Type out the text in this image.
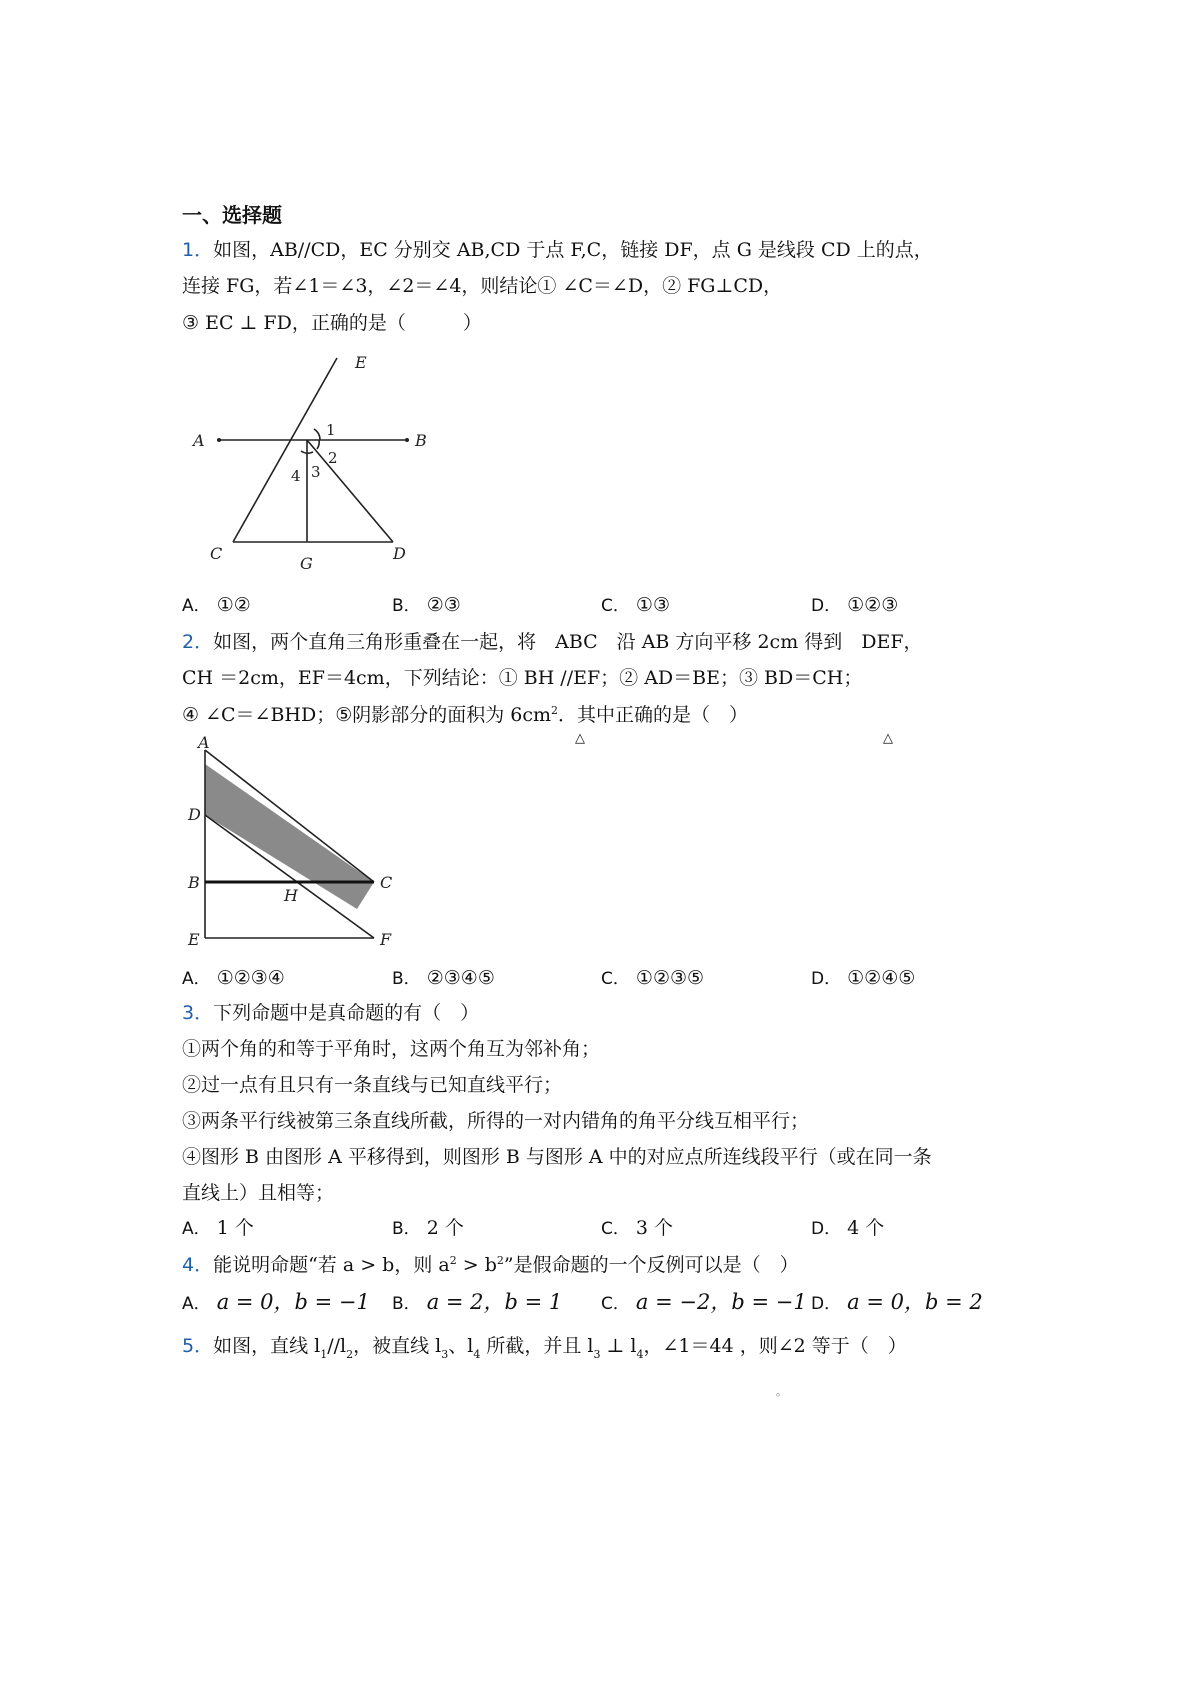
一、选择题
1．如图，AB//CD，EC 分别交 AB,CD 于点 F,C，链接 DF，点 G 是线段 CD 上的点，
连接 FG，若∠1＝∠3，∠2＝∠4，则结论① ∠C＝∠D，② FG⊥CD，
③ EC ⊥ FD，正确的是（　　　）
E
A	B
1
2
3
4
C
G
D
A． ①②	B． ②③	C． ①③	D． ①②③
2．如图，两个直角三角形重叠在一起，将　ABC　沿 AB 方向平移 2cm 得到　DEF，
CH ＝2cm，EF＝4cm，下列结论：① BH //EF；② AD＝BE；③ BD＝CH；
④ ∠C＝∠BHD；⑤阴影部分的面积为 $6cm^2$．其中正确的是（　）
△	△
A
D
B
H
C
E	F
A． ①②③④	B． ②③④⑤	C． ①②③⑤	D． ①②④⑤
3．下列命题中是真命题的有（　）
①两个角的和等于平角时，这两个角互为邻补角；
②过一点有且只有一条直线与已知直线平行；
③两条平行线被第三条直线所截，所得的一对内错角的角平分线互相平行；
④图形 B 由图形 A 平移得到，则图形 B 与图形 A 中的对应点所连线段平行（或在同一条
直线上）且相等；
A． 1 个	B． 2 个	C． 3 个	D． 4 个
4．能说明命题“若 a > b，则 $a^2 > b^2$”是假命题的一个反例可以是（　）
A． a = 0，b = −1 B． a = 2，b = 1 C． a = −2，b = −1 D． a = 0，b = 2
5．如图，直线 $l_1//l_2$，被直线 $l_3$、$l_4$ 所截，并且 $l_3$ ⊥ $l_4$，∠1＝44 ，则∠2 等于（　）
。
